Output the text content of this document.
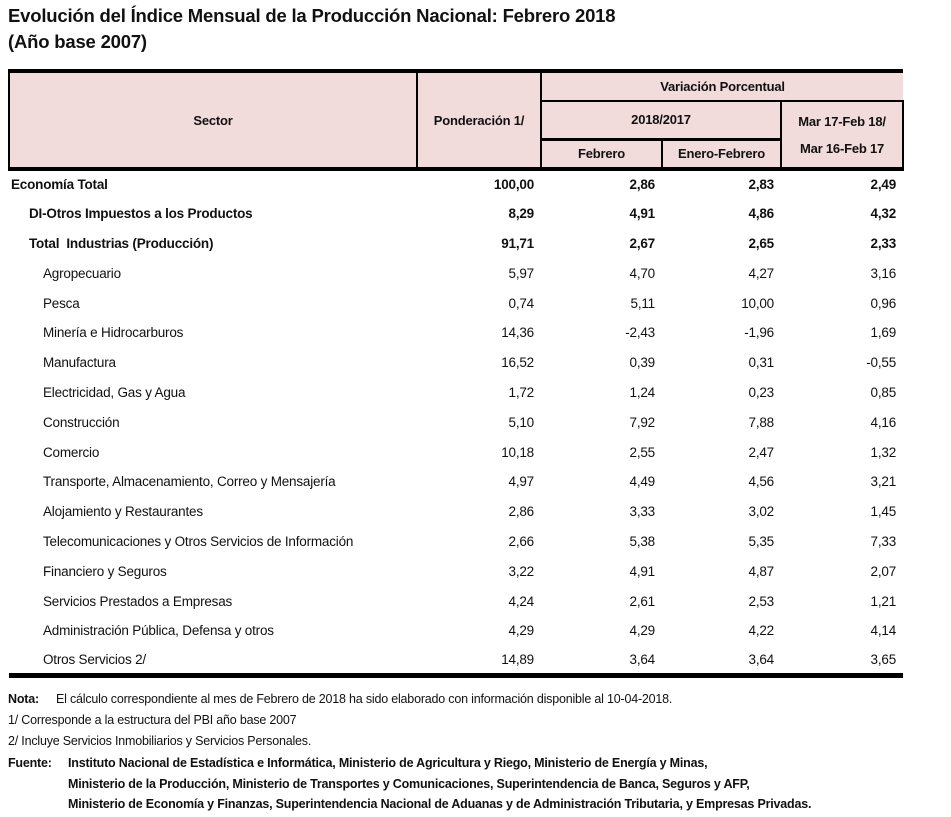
Evolución del Índice Mensual de la Producción Nacional: Febrero 2018
(Año base 2007)
Sector	Ponderación 1/	Variación Porcentual		
		2018/2017		Mar 17-Feb 18/
Mar 16-Feb 17

		Febrero	Enero-Febrero	
Economía Total	100,00	2,86	2,83	2,49
DI-Otros Impuestos a los Productos	8,29	4,91	4,86	4,32
Total  Industrias (Producción)	91,71	2,67	2,65	2,33
Agropecuario	5,97	4,70	4,27	3,16
Pesca	0,74	5,11	10,00	0,96
Minería e Hidrocarburos	14,36	-2,43	-1,96	1,69
Manufactura	16,52	0,39	0,31	-0,55
Electricidad, Gas y Agua	1,72	1,24	0,23	0,85
Construcción	5,10	7,92	7,88	4,16
Comercio	10,18	2,55	2,47	1,32
Transporte, Almacenamiento, Correo y Mensajería	4,97	4,49	4,56	3,21
Alojamiento y Restaurantes	2,86	3,33	3,02	1,45
Telecomunicaciones y Otros Servicios de Información	2,66	5,38	5,35	7,33
Financiero y Seguros	3,22	4,91	4,87	2,07
Servicios Prestados a Empresas	4,24	2,61	2,53	1,21
Administración Pública, Defensa y otros	4,29	4,29	4,22	4,14
Otros Servicios 2/	14,89	3,64	3,64	3,65
Nota:	El cálculo correspondiente al mes de Febrero de 2018 ha sido elaborado con información disponible al 10-04-2018.
1/ Corresponde a la estructura del PBI año base 2007
2/ Incluye Servicios Inmobiliarios y Servicios Personales.
Fuente:	Instituto Nacional de Estadística e Informática, Ministerio de Agricultura y Riego, Ministerio de Energía y Minas,
Ministerio de la Producción, Ministerio de Transportes y Comunicaciones, Superintendencia de Banca, Seguros y AFP,
Ministerio de Economía y Finanzas, Superintendencia Nacional de Aduanas y de Administración Tributaria, y Empresas Privadas.
